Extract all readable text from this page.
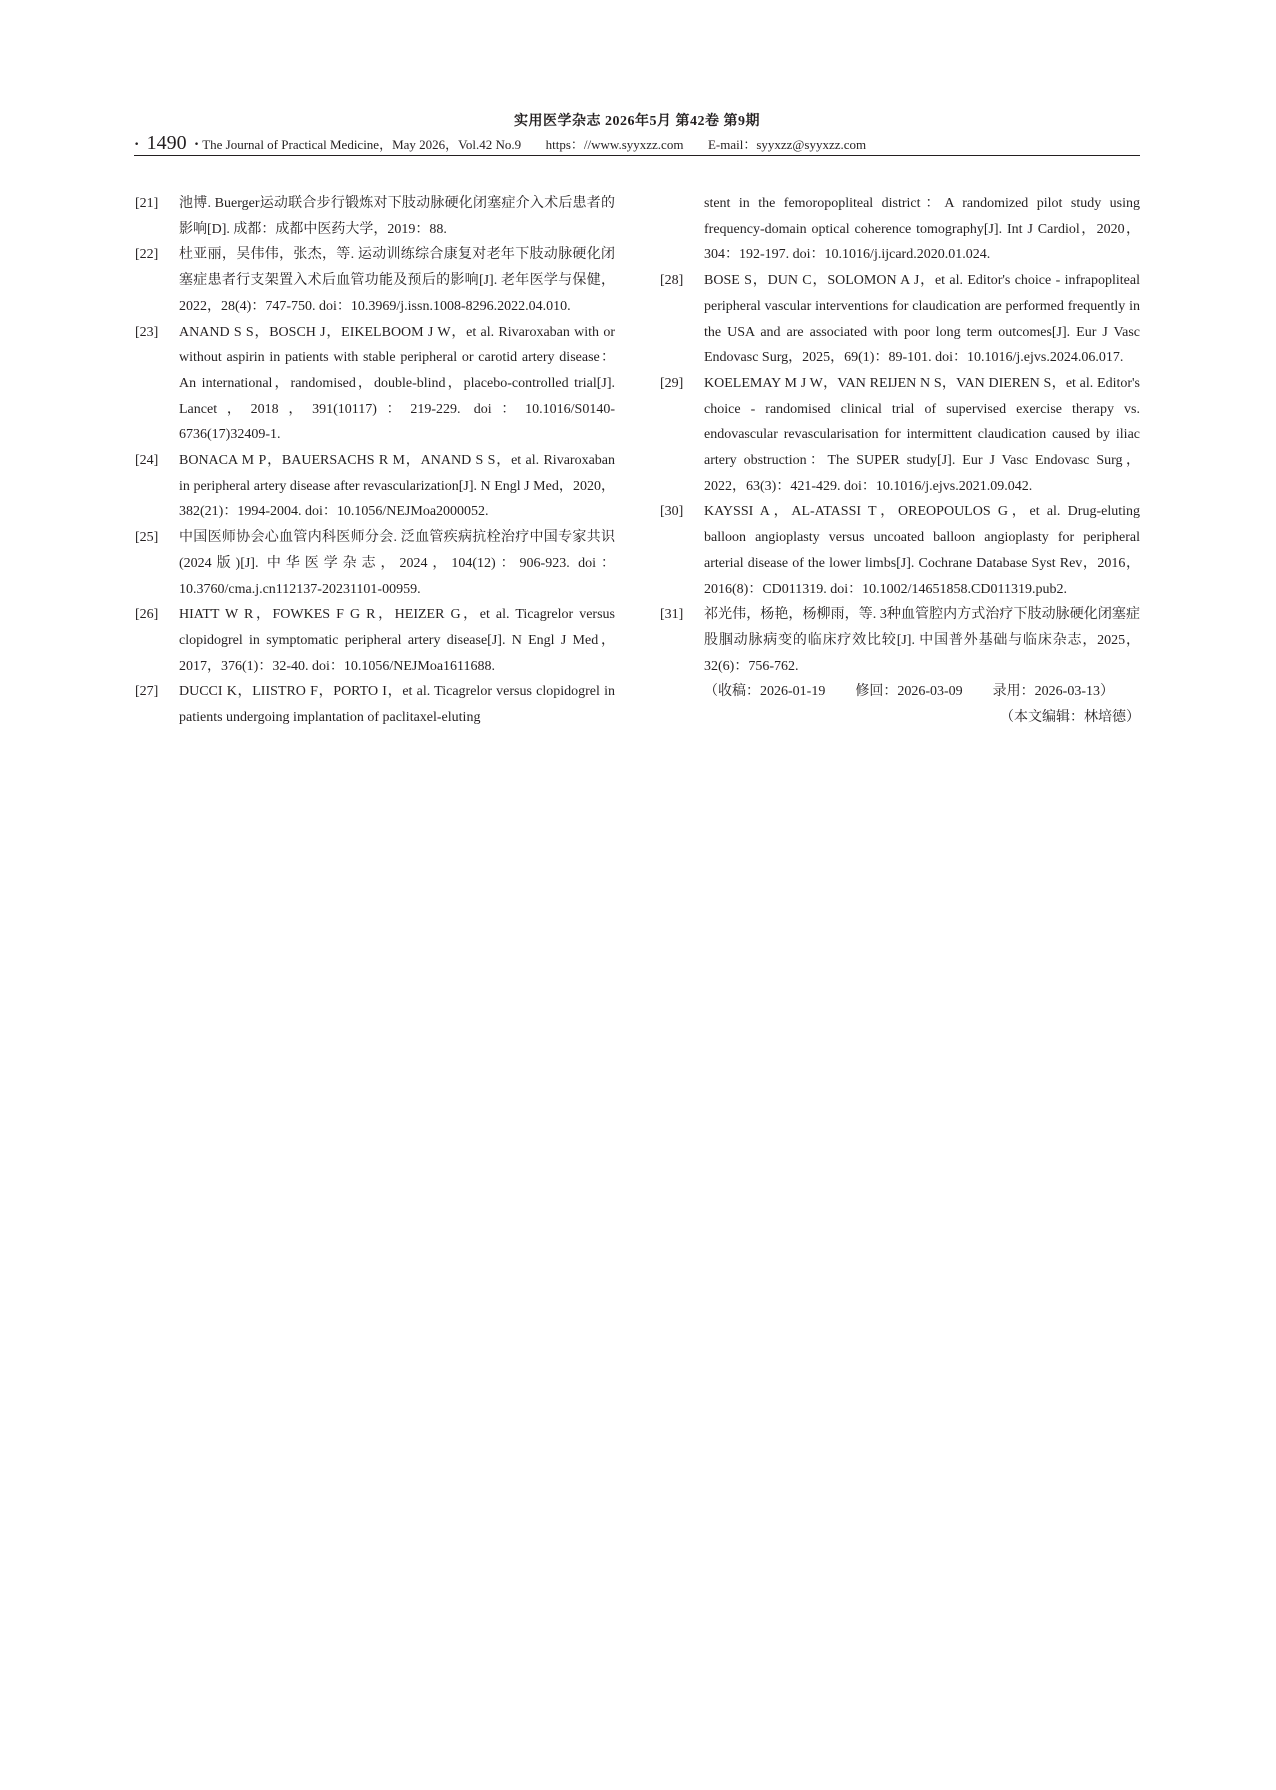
实用医学杂志 2026年5月 第42卷 第9期
· 1490 · The Journal of Practical Medicine，May 2026，Vol.42 No.9 https：//www.syyxzz.com E-mail：syyxzz@syyxzz.com
[21]	池博. Buerger运动联合步行锻炼对下肢动脉硬化闭塞症介入术后患者的影响[D]. 成都：成都中医药大学，2019：88.
[22]	杜亚丽，吴伟伟，张杰，等. 运动训练综合康复对老年下肢动脉硬化闭塞症患者行支架置入术后血管功能及预后的影响[J]. 老年医学与保健，2022，28(4)：747-750. doi：10.3969/j.issn.1008-8296.2022.04.010.
[23]	ANAND S S，BOSCH J，EIKELBOOM J W，et al. Rivaroxaban with or without aspirin in patients with stable peripheral or carotid artery disease：An international，randomised，double-blind，placebo-controlled trial[J]. Lancet，2018，391(10117)：219-229. doi：10.1016/S0140-6736(17)32409-1.
[24]	BONACA M P，BAUERSACHS R M，ANAND S S，et al. Rivaroxaban in peripheral artery disease after revascularization[J]. N Engl J Med，2020，382(21)：1994-2004. doi：10.1056/NEJMoa2000052.
[25]	中国医师协会心血管内科医师分会. 泛血管疾病抗栓治疗中国专家共识(2024版)[J]. 中华医学杂志，2024，104(12)：906-923. doi：10.3760/cma.j.cn112137-20231101-00959.
[26]	HIATT W R，FOWKES F G R，HEIZER G，et al. Ticagrelor versus clopidogrel in symptomatic peripheral artery disease[J]. N Engl J Med，2017，376(1)：32-40. doi：10.1056/NEJMoa1611688.
[27]	DUCCI K，LIISTRO F，PORTO I，et al. Ticagrelor versus clopidogrel in patients undergoing implantation of paclitaxel-eluting
stent in the femoropopliteal district：A randomized pilot study using frequency-domain optical coherence tomography[J]. Int J Cardiol，2020，304：192-197. doi：10.1016/j.ijcard.2020.01.024.
[28]	BOSE S，DUN C，SOLOMON A J，et al. Editor's choice - infrapopliteal peripheral vascular interventions for claudication are performed frequently in the USA and are associated with poor long term outcomes[J]. Eur J Vasc Endovasc Surg，2025，69(1)：89-101. doi：10.1016/j.ejvs.2024.06.017.
[29]	KOELEMAY M J W，VAN REIJEN N S，VAN DIEREN S，et al. Editor's choice - randomised clinical trial of supervised exercise therapy vs. endovascular revascularisation for intermittent claudication caused by iliac artery obstruction：The SUPER study[J]. Eur J Vasc Endovasc Surg，2022，63(3)：421-429. doi：10.1016/j.ejvs.2021.09.042.
[30]	KAYSSI A，AL-ATASSI T，OREOPOULOS G，et al. Drug-eluting balloon angioplasty versus uncoated balloon angioplasty for peripheral arterial disease of the lower limbs[J]. Cochrane Database Syst Rev，2016，2016(8)：CD011319. doi：10.1002/14651858.CD011319.pub2.
[31]	祁光伟，杨艳，杨柳雨，等. 3种血管腔内方式治疗下肢动脉硬化闭塞症股腘动脉病变的临床疗效比较[J]. 中国普外基础与临床杂志，2025，32(6)：756-762.
（收稿：2026-01-19 修回：2026-03-09 录用：2026-03-13）
（本文编辑：林培德）
